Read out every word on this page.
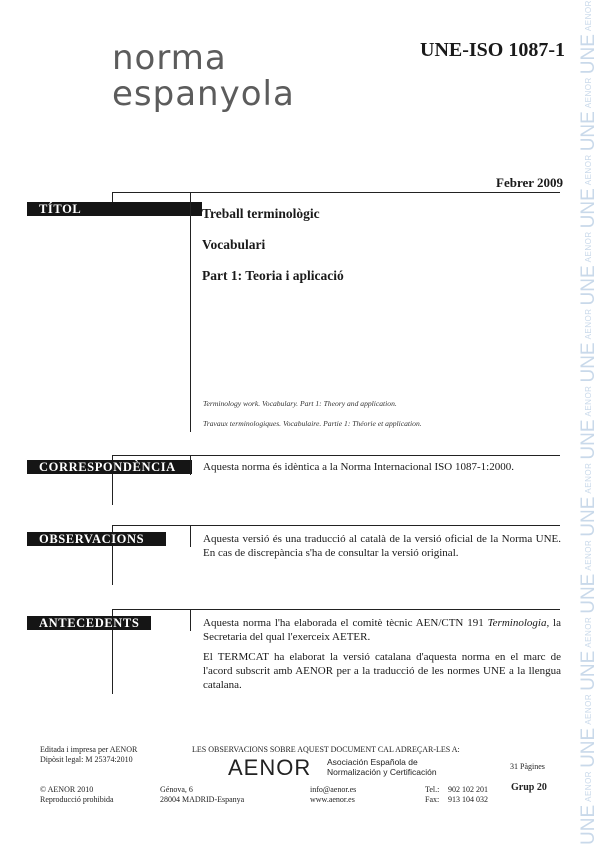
UNEAENORUNEAENORUNEAENORUNEAENORUNEAENORUNEAENORUNEAENORUNEAENORUNEAENORUNEAENORUNEAENOR
norma
espanyola
UNE-ISO 1087-1
Febrer 2009
TÍTOL	Treball terminològic
Vocabulari
Part 1: Teoria i aplicació
Terminology work. Vocabulary. Part 1: Theory and application.
Travaux terminologiques. Vocabulaire. Partie 1: Théorie et application.
CORRESPONDÈNCIA	Aquesta norma és idèntica a la Norma Internacional ISO 1087-1:2000.
OBSERVACIONS	Aquesta versió és una traducció al català de la versió oficial de la Norma UNE. En cas de discrepància s'ha de consultar la versió original.
ANTECEDENTS	Aquesta norma l'ha elaborada el comitè tècnic AEN/CTN 191 Terminologia, la Secretaria del qual l'exerceix AETER.
El TERMCAT ha elaborat la versió catalana d'aquesta norma en el marc de l'acord subscrit amb AENOR per a la traducció de les normes UNE a la llengua catalana.
Editada i impresa per AENOR
Dipòsit legal: M 25374:2010
LES OBSERVACIONS SOBRE AQUEST DOCUMENT CAL ADREÇAR-LES A:
AENOR Asociación Española de
Normalización y Certificación
31 Pàgines
© AENOR 2010
Reproducció prohibida
Génova, 6
28004 MADRID-Espanya
info@aenor.es
www.aenor.es
Tel.: 902 102 201
Fax: 913 104 032
Grup 20
